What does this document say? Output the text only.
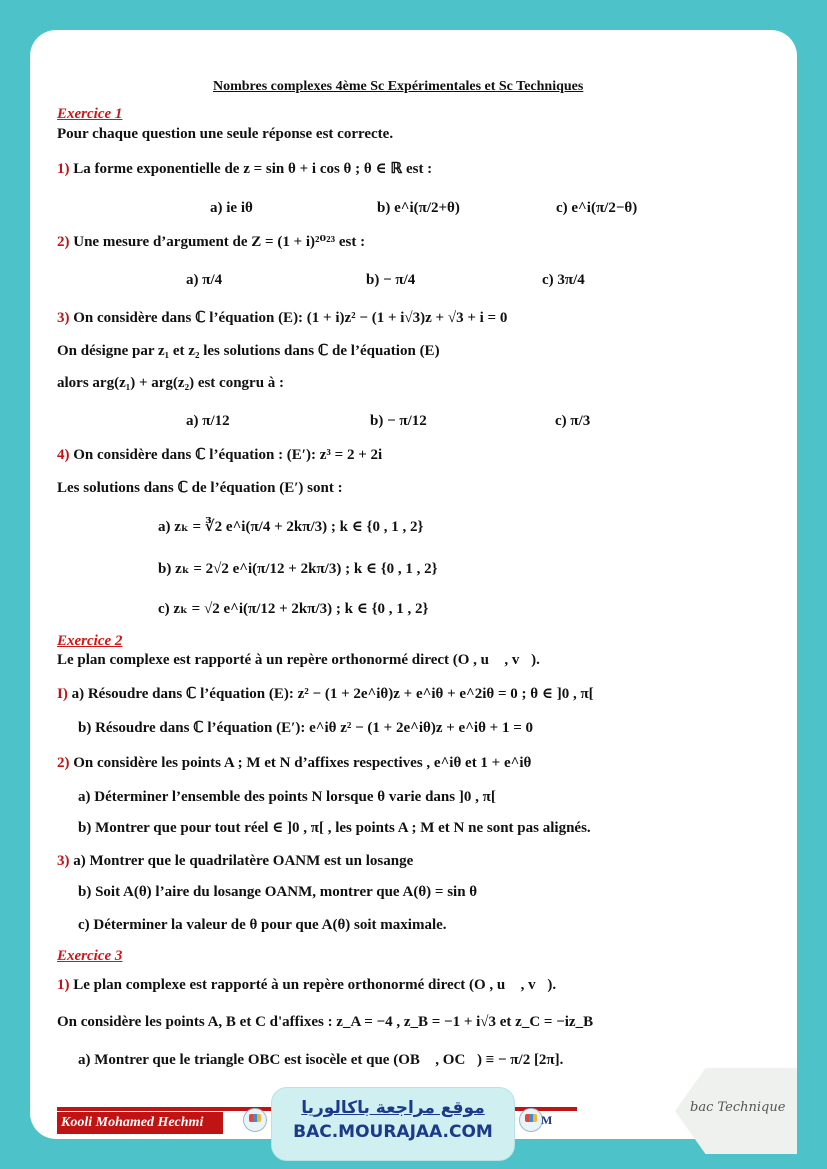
Nombres complexes 4ème Sc Expérimentales et Sc Techniques
Exercice 1
Pour chaque question une seule réponse est correcte.
1) La forme exponentielle de z = sin θ + i cos θ ; θ ∈ ℝ est :
a) ie iθ	b) e^i(π/2+θ)	c) e^i(π/2−θ)
2) Une mesure d’argument de Z = (1 + i)²⁰²³ est :
a) π/4	b) − π/4	c) 3π/4
3) On considère dans ℂ l’équation (E): (1 + i)z² − (1 + i√3)z + √3 + i = 0
On désigne par z₁ et z₂ les solutions dans ℂ de l’équation (E)
alors arg(z₁) + arg(z₂) est congru à :
a) π/12	b) − π/12	c) π/3
4) On considère dans ℂ l’équation : (E′): z³ = 2 + 2i
Les solutions dans ℂ de l’équation (E′) sont :
a) zₖ = ∛2 e^i(π/4 + 2kπ/3) ; k ∈ {0 , 1 , 2}
b) zₖ = 2√2 e^i(π/12 + 2kπ/3) ; k ∈ {0 , 1 , 2}
c) zₖ = √2 e^i(π/12 + 2kπ/3) ; k ∈ {0 , 1 , 2}
Exercice 2
Le plan complexe est rapporté à un repère orthonormé direct (O , u⃗ , v⃗).
I) a) Résoudre dans ℂ l’équation (E): z² − (1 + 2e^iθ)z + e^iθ + e^2iθ = 0 ; θ ∈ ]0 , π[
b) Résoudre dans ℂ l’équation (E′): e^iθ z² − (1 + 2e^iθ)z + e^iθ + 1 = 0
2) On considère les points A ; M et N d’affixes respectives , e^iθ et 1 + e^iθ
a) Déterminer l’ensemble des points N lorsque θ varie dans ]0 , π[
b) Montrer que pour tout réel ∈ ]0 , π[ , les points A ; M et N ne sont pas alignés.
3) a) Montrer que le quadrilatère OANM est un losange
b) Soit A(θ) l’aire du losange OANM, montrer que A(θ) = sin θ
c) Déterminer la valeur de θ pour que A(θ) soit maximale.
Exercice 3
1) Le plan complexe est rapporté à un repère orthonormé direct (O , u⃗ , v⃗).
On considère les points A, B et C d'affixes : z_A = −4 , z_B = −1 + i√3 et z_C = −iz_B
a) Montrer que le triangle OBC est isocèle et que (OB⃗ , OC⃗) ≡ − π/2 [2π].
Kooli Mohamed Hechmi	M
موقع مراجعة باكالوريا
BAC.MOURAJAA.COM
bac Technique
